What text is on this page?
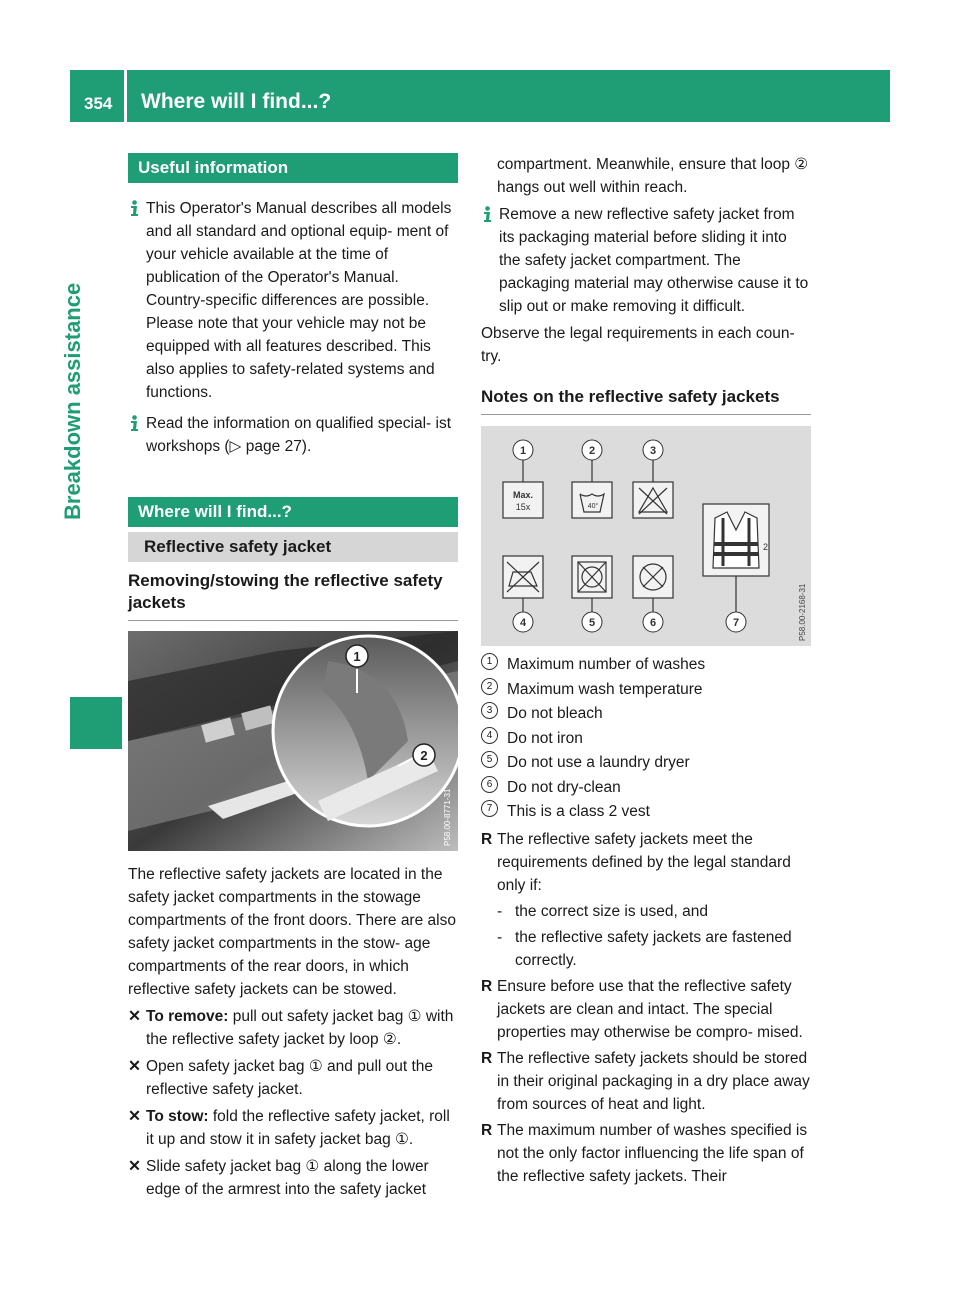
354	Where will I find...?
Breakdown assistance
Useful information

This Operator's Manual describes all models and all standard and optional equip- ment of your vehicle available at the time of publication of the Operator's Manual. Country-specific differences are possible. Please note that your vehicle may not be equipped with all features described. This also applies to safety-related systems and functions.

Read the information on qualified special- ist workshops (▷ page 27).

Where will I find...?
Reflective safety jacket
Removing/stowing the reflective safety jackets
1
2
P58.00-8771-31

The reflective safety jackets are located in the safety jacket compartments in the stowage compartments of the front doors. There are also safety jacket compartments in the stow- age compartments of the rear doors, in which reflective safety jackets can be stowed.

✕ To remove: pull out safety jacket bag ① with the reflective safety jacket by loop ②.

✕ Open safety jacket bag ① and pull out the reflective safety jacket.

✕ To stow: fold the reflective safety jacket, roll it up and stow it in safety jacket bag ①.

✕ Slide safety jacket bag ① along the lower edge of the armrest into the safety jacket

compartment. Meanwhile, ensure that loop ② hangs out well within reach.

Remove a new reflective safety jacket from its packaging material before sliding it into the safety jacket compartment. The packaging material may otherwise cause it to slip out or make removing it difficult.

Observe the legal requirements in each coun- try.

Notes on the reflective safety jackets
Max.
15x	40°
2
1	2	3
4	5	6	7	P58.00-2168-31
1 Maximum number of washes

2 Maximum wash temperature

3 Do not bleach

4 Do not iron

5 Do not use a laundry dryer

6 Do not dry-clean

7 This is a class 2 vest

R The reflective safety jackets meet the requirements defined by the legal standard only if:

- the correct size is used, and

- the reflective safety jackets are fastened correctly.

R Ensure before use that the reflective safety jackets are clean and intact. The special properties may otherwise be compro- mised.

R The reflective safety jackets should be stored in their original packaging in a dry place away from sources of heat and light.

R The maximum number of washes specified is not the only factor influencing the life span of the reflective safety jackets. Their
